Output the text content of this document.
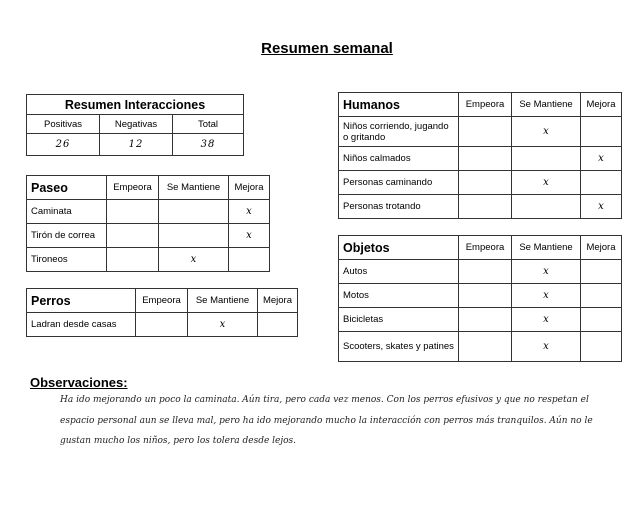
Resumen semanal
Resumen Interacciones		
Positivas	Negativas	Total
26	12	38
Paseo	Empeora	Se Mantiene	Mejora
Caminata			x
Tirón de correa			x
Tironeos		x	
Perros	Empeora	Se Mantiene	Mejora
Ladran desde casas		x	
Humanos	Empeora	Se Mantiene	Mejora
Niños corriendo, jugando o gritando		x	
Niños calmados			x
Personas caminando		x	
Personas trotando			x
Objetos	Empeora	Se Mantiene	Mejora
Autos		x	
Motos		x	
Bicicletas		x	
Scooters, skates y patines		x	
Observaciones:
Ha ido mejorando un poco la caminata. Aún tira, pero cada vez menos. Con los perros efusivos y que no respetan el
espacio personal aun se lleva mal, pero ha ido mejorando mucho la interacción con perros más tranquilos. Aún no le
gustan mucho los niños, pero los tolera desde lejos.
